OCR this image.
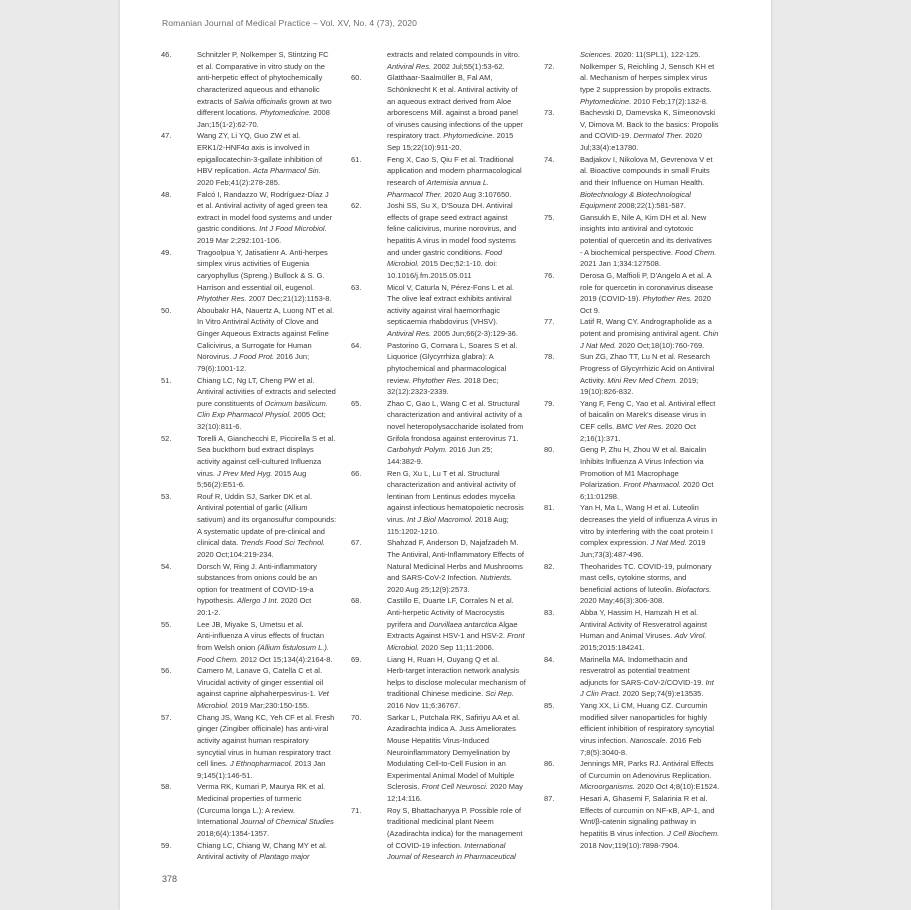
Romanian Journal of Medical Practice – Vol. XV, No. 4 (73), 2020
46.	Schnitzler P, Nolkemper S, Stintzing FC
et al. Comparative in vitro study on the
anti-herpetic effect of phytochemically
characterized aqueous and ethanolic
extracts of Salvia officinalis grown at two
different locations. Phytomedicine. 2008
Jan;15(1-2):62-70.
47.	Wang ZY, Li YQ, Guo ZW et al.
ERK1/2-HNF4α axis is involved in
epigallocatechin-3-gallate inhibition of
HBV replication. Acta Pharmacol Sin.
2020 Feb;41(2):278-285.
48.	Falcó I, Randazzo W, Rodríguez-Díaz J
et al. Antiviral activity of aged green tea
extract in model food systems and under
gastric conditions. Int J Food Microbiol.
2019 Mar 2;292:101-106.
49.	Tragoolpua Y, Jatisatienr A. Anti-herpes
simplex virus activities of Eugenia
caryophyllus (Spreng.) Bullock & S. G.
Harrison and essential oil, eugenol.
Phytother Res. 2007 Dec;21(12):1153-8.
50.	Aboubakr HA, Nauertz A, Luong NT et al.
In Vitro Antiviral Activity of Clove and
Ginger Aqueous Extracts against Feline
Calicivirus, a Surrogate for Human
Norovirus. J Food Prot. 2016 Jun;
79(6):1001-12.
51.	Chiang LC, Ng LT, Cheng PW et al.
Antiviral activities of extracts and selected
pure constituents of Ocimum basilicum.
Clin Exp Pharmacol Physiol. 2005 Oct;
32(10):811-6.
52.	Torelli A, Gianchecchi E, Piccirella S et al.
Sea buckthorn bud extract displays
activity against cell-cultured Influenza
virus. J Prev Med Hyg. 2015 Aug
5;56(2):E51-6.
53.	Rouf R, Uddin SJ, Sarker DK et al.
Antiviral potential of garlic (Allium
sativum) and its organosulfur compounds:
A systematic update of pre-clinical and
clinical data. Trends Food Sci Technol.
2020 Oct;104:219-234.
54.	Dorsch W, Ring J. Anti-inflammatory
substances from onions could be an
option for treatment of COVID-19-a
hypothesis. Allergo J Int. 2020 Oct
20:1-2.
55.	Lee JB, Miyake S, Umetsu et al.
Anti-influenza A virus effects of fructan
from Welsh onion (Allium fistulosum L.).
Food Chem. 2012 Oct 15;134(4):2164-8.
56.	Camero M, Lanave G, Catella C et al.
Virucidal activity of ginger essential oil
against caprine alphaherpesvirus-1. Vet
Microbiol. 2019 Mar;230:150-155.
57.	Chang JS, Wang KC, Yeh CF et al. Fresh
ginger (Zingiber officinale) has anti-viral
activity against human respiratory
syncytial virus in human respiratory tract
cell lines. J Ethnopharmacol. 2013 Jan
9;145(1):146-51.
58.	Verma RK, Kumari P, Maurya RK et al.
Medicinal properties of turmeric
(Curcuma longa L.): A review.
International Journal of Chemical Studies
2018;6(4):1354-1357.
59.	Chiang LC, Chiang W, Chang MY et al.
Antiviral activity of Plantago major
extracts and related compounds in vitro.
Antiviral Res. 2002 Jul;55(1):53-62.
60.	Glatthaar-Saalmüller B, Fal AM,
Schönknecht K et al. Antiviral activity of
an aqueous extract derived from Aloe
arborescens Mill. against a broad panel
of viruses causing infections of the upper
respiratory tract. Phytomedicine. 2015
Sep 15;22(10):911-20.
61.	Feng X, Cao S, Qiu F et al. Traditional
application and modern pharmacological
research of Artemisia annua L.
Pharmacol Ther. 2020 Aug 3:107650.
62.	Joshi SS, Su X, D'Souza DH. Antiviral
effects of grape seed extract against
feline calicivirus, murine norovirus, and
hepatitis A virus in model food systems
and under gastric conditions. Food
Microbiol. 2015 Dec;52:1-10. doi:
10.1016/j.fm.2015.05.011
63.	Micol V, Caturla N, Pérez-Fons L et al.
The olive leaf extract exhibits antiviral
activity against viral haemorrhagic
septicaemia rhabdovirus (VHSV).
Antiviral Res. 2005 Jun;66(2-3):129-36.
64.	Pastorino G, Cornara L, Soares S et al.
Liquorice (Glycyrrhiza glabra): A
phytochemical and pharmacological
review. Phytother Res. 2018 Dec;
32(12):2323-2339.
65.	Zhao C, Gao L, Wang C et al. Structural
characterization and antiviral activity of a
novel heteropolysaccharide isolated from
Grifola frondosa against enterovirus 71.
Carbohydr Polym. 2016 Jun 25;
144:382-9.
66.	Ren G, Xu L, Lu T et al. Structural
characterization and antiviral activity of
lentinan from Lentinus edodes mycelia
against infectious hematopoietic necrosis
virus. Int J Biol Macromol. 2018 Aug;
115:1202-1210.
67.	Shahzad F, Anderson D, Najafzadeh M.
The Antiviral, Anti-Inflammatory Effects of
Natural Medicinal Herbs and Mushrooms
and SARS-CoV-2 Infection. Nutrients.
2020 Aug 25;12(9):2573.
68.	Castillo E, Duarte LF, Corrales N et al.
Anti-herpetic Activity of Macrocystis
pyrifera and Durvillaea antarctica Algae
Extracts Against HSV-1 and HSV-2. Front
Microbiol. 2020 Sep 11;11:2006.
69.	Liang H, Ruan H, Ouyang Q et al.
Herb-target interaction network analysis
helps to disclose molecular mechanism of
traditional Chinese medicine. Sci Rep.
2016 Nov 11;6:36767.
70.	Sarkar L, Putchala RK, Safiriyu AA et al.
Azadirachta indica A. Juss Ameliorates
Mouse Hepatitis Virus-Induced
Neuroinflammatory Demyelination by
Modulating Cell-to-Cell Fusion in an
Experimental Animal Model of Multiple
Sclerosis. Front Cell Neurosci. 2020 May
12;14:116.
71.	Roy S, Bhattacharyya P. Possible role of
traditional medicinal plant Neem
(Azadirachta indica) for the management
of COVID-19 infection. International
Journal of Research in Pharmaceutical
Sciences. 2020: 11(SPL1), 122-125.
72.	Nolkemper S, Reichling J, Sensch KH et
al. Mechanism of herpes simplex virus
type 2 suppression by propolis extracts.
Phytomedicine. 2010 Feb;17(2):132-8.
73.	Bachevski D, Damevska K, Simeonovski
V, Dimova M. Back to the basics: Propolis
and COVID-19. Dermatol Ther. 2020
Jul;33(4):e13780.
74.	Badjakov I, Nikolova M, Gevrenova V et
al. Bioactive compounds in small Fruits
and their Influence on Human Health.
Biotechnology & Biotechnological
Equipment 2008;22(1):581-587.
75.	Gansukh E, Nile A, Kim DH et al. New
insights into antiviral and cytotoxic
potential of quercetin and its derivatives
- A biochemical perspective. Food Chem.
2021 Jan 1;334:127508.
76.	Derosa G, Maffioli P, D'Angelo A et al. A
role for quercetin in coronavirus disease
2019 (COVID-19). Phytother Res. 2020
Oct 9.
77.	Latif R, Wang CY. Andrographolide as a
potent and promising antiviral agent. Chin
J Nat Med. 2020 Oct;18(10):760-769.
78.	Sun ZG, Zhao TT, Lu N et al. Research
Progress of Glycyrrhizic Acid on Antiviral
Activity. Mini Rev Med Chem. 2019;
19(10):826-832.
79.	Yang F, Feng C, Yao et al. Antiviral effect
of baicalin on Marek's disease virus in
CEF cells. BMC Vet Res. 2020 Oct
2;16(1):371.
80.	Geng P, Zhu H, Zhou W et al. Baicalin
Inhibits Influenza A Virus Infection via
Promotion of M1 Macrophage
Polarization. Front Pharmacol. 2020 Oct
6;11:01298.
81.	Yan H, Ma L, Wang H et al. Luteolin
decreases the yield of influenza A virus in
vitro by interfering with the coat protein I
complex expression. J Nat Med. 2019
Jun;73(3):487-496.
82.	Theoharides TC. COVID-19, pulmonary
mast cells, cytokine storms, and
beneficial actions of luteolin. Biofactors.
2020 May;46(3):306-308.
83.	Abba Y, Hassim H, Hamzah H et al.
Antiviral Activity of Resveratrol against
Human and Animal Viruses. Adv Virol.
2015;2015:184241.
84.	Marinella MA. Indomethacin and
resveratrol as potential treatment
adjuncts for SARS-CoV-2/COVID-19. Int
J Clin Pract. 2020 Sep;74(9):e13535.
85.	Yang XX, Li CM, Huang CZ. Curcumin
modified silver nanoparticles for highly
efficient inhibition of respiratory syncytial
virus infection. Nanoscale. 2016 Feb
7;8(5):3040-8.
86.	Jennings MR, Parks RJ. Antiviral Effects
of Curcumin on Adenovirus Replication.
Microorganisms. 2020 Oct 4;8(10):E1524.
87.	Hesari A, Ghasemi F, Salarinia R et al.
Effects of curcumin on NF-κB, AP-1, and
Wnt/β-catenin signaling pathway in
hepatitis B virus infection. J Cell Biochem.
2018 Nov;119(10):7898-7904.
378
